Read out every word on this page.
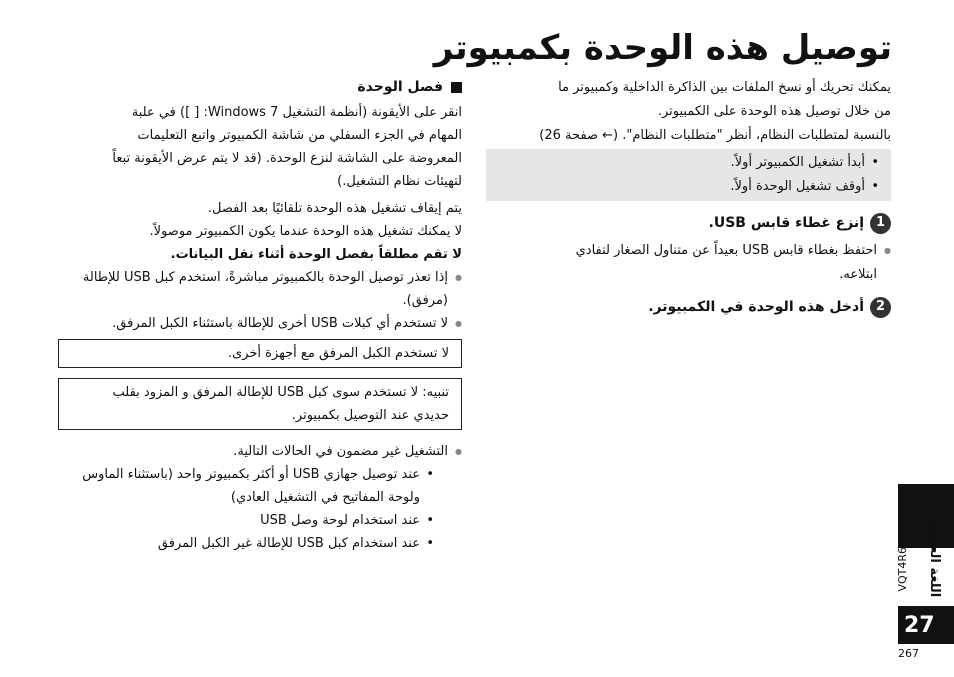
توصيل هذه الوحدة بكمبيوتر

يمكنك تحريك أو نسخ الملفات بين الذاكرة الداخلية وكمبيوتر ما

من خلال توصيل هذه الوحدة على الكمبيوتر.

بالنسبة لمتطلبات النظام، أنظر "متطلبات النظام". (← صفحة 26)

• أبدأ تشغيل الكمبيوتر أولاً.
• أوقف تشغيل الوحدة أولاً.
1
إنزع غطاء قابس USB.
● احتفظ بغطاء قابس USB بعيداً عن متناول الصغار لتفادي
ابتلاعه.
2
أدخل هذه الوحدة في الكمبيوتر.
فصل الوحدة

انقر على الأيقونة (أنظمة التشغيل Windows 7: [ ]) في علبة

المهام في الجزء السفلي من شاشة الكمبيوتر واتبع التعليمات

المعروضة على الشاشة لنزع الوحدة. (قد لا يتم عرض الأيقونة تبعاً

لتهيئات نظام التشغيل.)

يتم إيقاف تشغيل هذه الوحدة تلقائيًا بعد الفصل.

لا يمكنك تشغيل هذه الوحدة عندما يكون الكمبيوتر موصولاً.

لا تقم مطلقاً بفصل الوحدة أثناء نقل البيانات.

● إذا تعذر توصيل الوحدة بالكمبيوتر مباشرةً، استخدم كبل USB للإطالة (مرفق).
● لا تستخدم أي كبلات USB أخرى للإطالة باستثناء الكبل المرفق.

لا تستخدم الكبل المرفق مع أجهزة أخرى.

تنبيه: لا تستخدم سوى كبل USB للإطالة المرفق و المزود بقلب

حديدي عند التوصيل بكمبيوتر.

● التشغيل غير مضمون في الحالات التالية.
• عند توصيل جهازي USB أو أكثر بكمبيوتر واحد (باستثناء الماوس ولوحة المفاتيح في التشغيل العادي)
• عند استخدام لوحة وصل USB
• عند استخدام كبل USB للإطالة غير الكبل المرفق	اللغة العربية
VQT4R68
27
267
